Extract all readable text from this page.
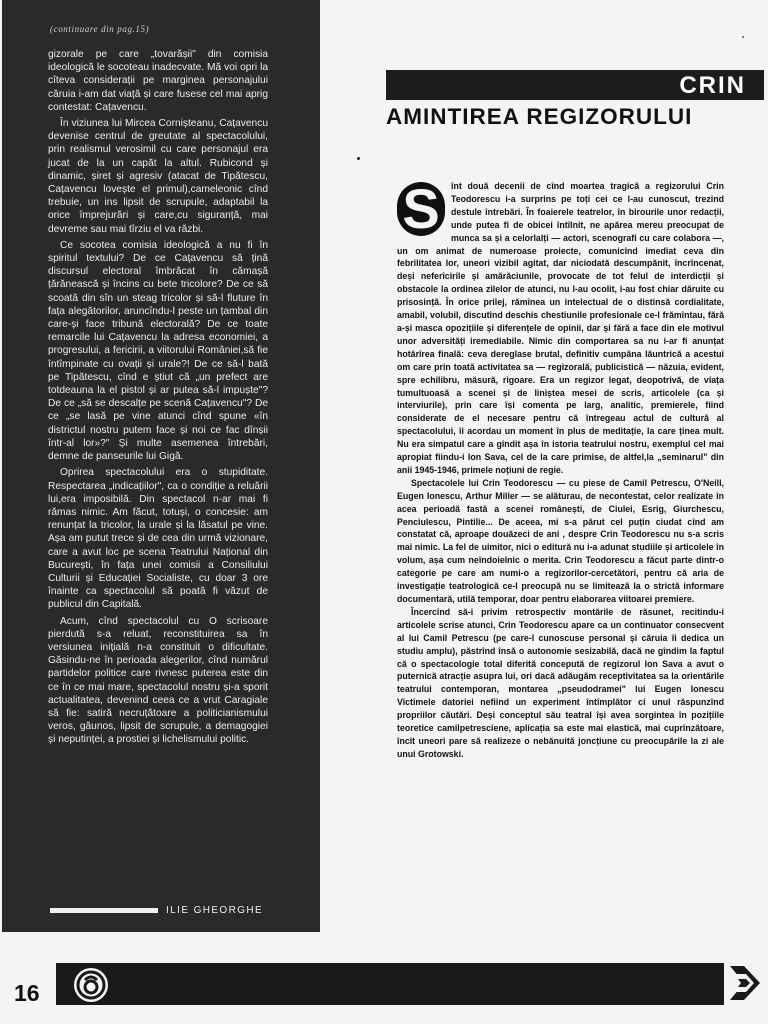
(continuare din pag.15)

gizorale pe care „tovarășii" din comisia ideologică le socoteau inadecvate. Mă voi opri la cîteva considerații pe marginea personajului căruia i-am dat viață și care fusese cel mai aprig contestat: Cațavencu.

În viziunea lui Mircea Cornișteanu, Cațavencu devenise centrul de greutate al spectacolului, prin realismul verosimil cu care personajul era jucat de la un capăt la altul. Rubicond și dinamic, șiret și agresiv (atacat de Tipătescu, Cațavencu lovește el primul),cameleonic cînd trebuie, un ins lipsit de scrupule, adaptabil la orice împrejurări și care,cu siguranță, mai devreme sau mai tîrziu el va răzbi.

Ce socotea comisia ideologică a nu fi în spiritul textului? De ce Cațavencu să țină discursul electoral îmbrăcat în cămașă țărănească și încins cu bete tricolore? De ce să scoată din sîn un steag tricolor și să-l fluture în fața alegătorilor, aruncîndu-l peste un țambal din care-și face tribună electorală? De ce toate remarcile lui Cațavencu la adresa economiei, a progresului, a fericirii, a viitorului României,să fie întîmpinate cu ovații și urale?! De ce să-l bată pe Tipătescu, cînd e știut că „un prefect are totdeauna la el pistol și ar putea să-l impuște"? De ce „să se descalțe pe scenă Cațavencu"? De ce „se lasă pe vine atunci cînd spune «în districtul nostru putem face și noi ce fac dînșii într-al lor»?" Și multe asemenea întrebări, demne de panseurile lui Gigă.

Oprirea spectacolului era o stupiditate. Respectarea „indicațiilor", ca o condiție a reluării lui,era imposibilă. Din spectacol n-ar mai fi rămas nimic. Am făcut, totuși, o concesie: am renunțat la tricolor, la urale și la lăsatul pe vine. Așa am putut trece și de cea din urmă vizionare, care a avut loc pe scena Teatrului Național din București, în fața unei comisii a Consiliului Culturii și Educației Socialiste, cu doar 3 ore înainte ca spectacolul să poată fi văzut de publicul din Capitală.

Acum, cînd spectacolul cu O scrisoare pierdută s-a reluat, reconstituirea sa în versiunea inițială n-a constituit o dificultate. Găsindu-ne în perioada alegerilor, cînd numărul partidelor politice care rivnesc puterea este din ce în ce mai mare, spectacolul nostru și-a sporit actualitatea, devenind ceea ce a vrut Caragiale să fie: satiră necruțătoare a politicianismului veros, găunos, lipsit de scrupule, a demagogiei și neputinței, a prostiei și lichelismului politic.

ILIE GHEORGHE
CRIN
AMINTIREA REGIZORULUI
S	înt două decenii de cînd moartea tragică a regizorului Crin Teodorescu i-a surprins pe toți cei ce l-au cunoscut, trezind destule întrebări. În foaierele teatrelor, în birourile unor redacții, unde putea fi de obicei întîlnit, ne apărea mereu preocupat de munca sa și a celorlalți — actori, scenografi cu care colabora —, un om animat de numeroase proiecte, comunicînd imediat ceva din febrilitatea lor, uneori vizibil agitat, dar niciodată descumpănit, încrîncenat, deși neferîcirile și amărăciunile, provocate de tot felul de interdicții și obstacole la ordinea zilelor de atunci, nu l-au ocolit, i-au fost chiar dăruite cu prisosință. În orice prilej, rămînea un intelectual de o distinsă cordialitate, amabil, volubil, discutînd deschis chestiunile profesionale ce-l frămîntau, fără a-și masca opozițiile și diferențele de opinii, dar și fără a face din ele motivul unor adversități iremediabile. Nimic din comportarea sa nu i-ar fi anunțat hotărîrea finală: ceva dereglase brutal, definitiv cumpăna lăuntrică a acestui om care prin toată activitatea sa — regizorală, publicistică — năzuia, evident, spre echilibru, măsură, rigoare. Era un regizor legat, deopotrivă, de viața tumultuoasă a scenei și de liniștea mesei de scris, articolele (ca și interviurile), prin care își comenta pe larg, analitic, premierele, fiind considerate de el necesare pentru că întregeau actul de cultură al spectacolului, îi acordau un moment în plus de meditație, la care ținea mult. Nu era simpatul care a gîndit așa în istoria teatrului nostru, exemplul cel mai apropiat fiindu-i Ion Sava, cel de la care primise, de altfel,la „seminarul" din anii 1945-1946, primele noțiuni de regie.

Spectacolele lui Crin Teodorescu — cu piese de Camil Petrescu, O'Neill, Eugen Ionescu, Arthur Miller — se alăturau, de necontestat, celor realizate în acea perioadă fastă a scenei românești, de Ciulei, Esrig, Giurchescu, Penciulescu, Pintilie... De aceea, mi s-a părut cel puțin ciudat cînd am constatat că, aproape douăzeci de ani , despre Crin Teodorescu nu s-a scris mai nimic. La fel de uimitor, nici o editură nu i-a adunat studiile și articolele în volum, așa cum neîndoielnic o merita. Crin Teodorescu a făcut parte dintr-o categorie pe care am numi-o a regizorilor-cercetători, pentru că aria de investigație teatrologică ce-l preocupă nu se limitează la o strictă informare documentară, utilă temporar, doar pentru elaborarea viitoarei premiere.

Încercînd să-i privim retrospectiv montările de răsunet, recitindu-i articolele scrise atunci, Crin Teodorescu apare ca un continuator consecvent al lui Camil Petrescu (pe care-l cunoscuse personal și căruia îi dedica un studiu amplu), păstrînd însă o autonomie sesizabilă, dacă ne gîndim la faptul că o spectacologie total diferită concepută de regizorul Ion Sava a avut o puternică atracție asupra lui, ori dacă adăugăm receptivitatea sa la orientările teatrului contemporan, montarea „pseudodramei" lui Eugen Ionescu Victimele datoriei nefiind un experiment întîmplător ci unul răspunzînd propriilor căutări. Deși conceptul său teatral își avea sorgintea în pozițiile teoretice camilpetresciene, aplicația sa este mai elastică, mai cuprinzătoare, încît uneori pare să realizeze o nebănuită joncțiune cu preocupările la zi ale unui Grotowski.

16
